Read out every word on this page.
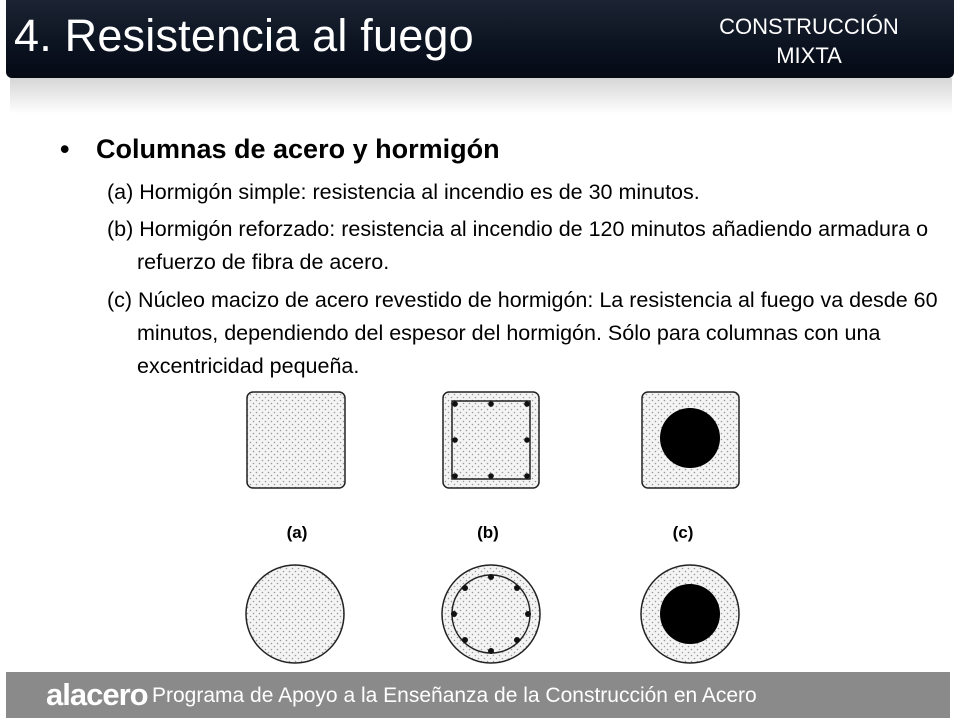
4. Resistencia al fuego	CONSTRUCCIÓN
MIXTA
• Columnas de acero y hormigón
(a) Hormigón simple: resistencia al incendio es de 30 minutos.
(b) Hormigón reforzado: resistencia al incendio de 120 minutos añadiendo armadura o refuerzo de fibra de acero.
(c) Núcleo macizo de acero revestido de hormigón: La resistencia al fuego va desde 60 minutos, dependiendo del espesor del hormigón. Sólo para columnas con una excentricidad pequeña.
(a)	(b)	(c)
alacero Programa de Apoyo a la Enseñanza de la Construcción en Acero
